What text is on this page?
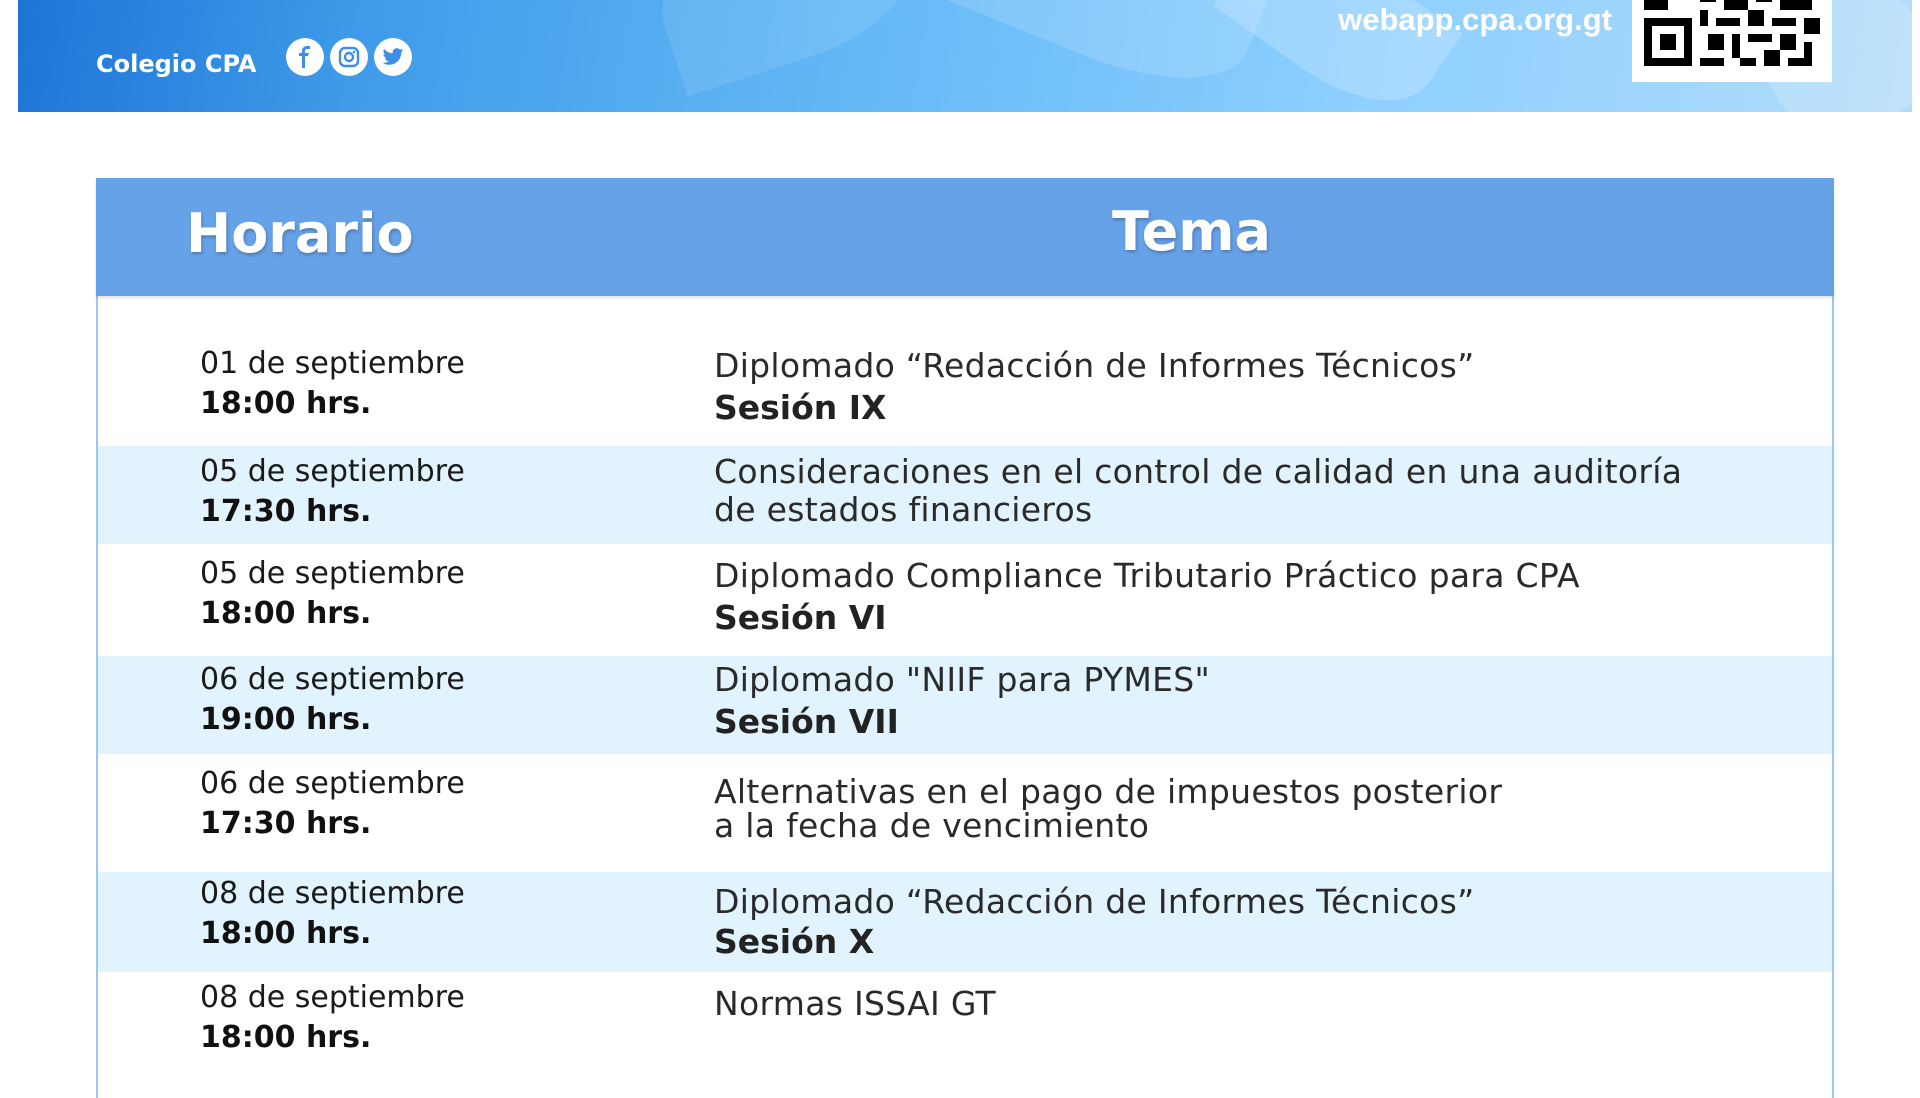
Colegio CPA
webapp.cpa.org.gt
Horario	Tema
01 de septiembre
18:00 hrs.
Diplomado “Redacción de Informes Técnicos”
Sesión IX
05 de septiembre
17:30 hrs.
Consideraciones en el control de calidad en una auditoría
de estados financieros
05 de septiembre
18:00 hrs.
Diplomado Compliance Tributario Práctico para CPA
Sesión VI
06 de septiembre
19:00 hrs.
Diplomado "NIIF para PYMES"
Sesión VII
06 de septiembre
17:30 hrs.
Alternativas en el pago de impuestos posterior
a la fecha de vencimiento
08 de septiembre
18:00 hrs.
Diplomado “Redacción de Informes Técnicos”
Sesión X
08 de septiembre
18:00 hrs.
Normas ISSAI GT
